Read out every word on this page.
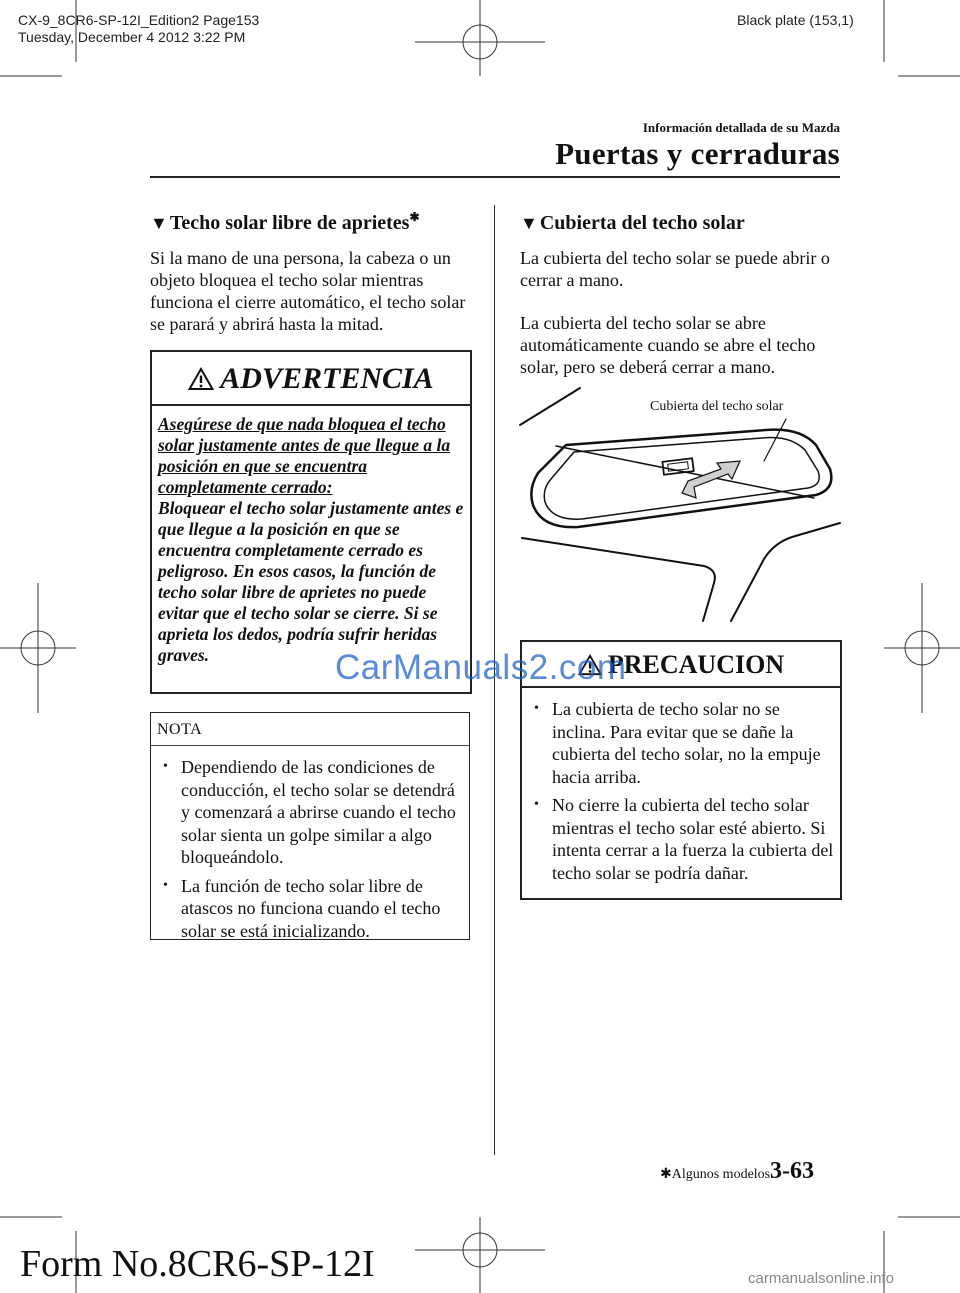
CX-9_8CR6-SP-12I_Edition2 Page153
Tuesday, December 4 2012 3:22 PM
Black plate (153,1)
Información detallada de su Mazda
Puertas y cerraduras
▼ Techo solar libre de aprietes✱

Si la mano de una persona, la cabeza o un objeto bloquea el techo solar mientras funciona el cierre automático, el techo solar se parará y abrirá hasta la mitad.

ADVERTENCIA
Asegúrese de que nada bloquea el techo solar justamente antes de que llegue a la posición en que se encuentra completamente cerrado:
Bloquear el techo solar justamente antes e que llegue a la posición en que se encuentra completamente cerrado es peligroso. En esos casos, la función de techo solar libre de aprietes no puede evitar que el techo solar se cierre. Si se aprieta los dedos, podría sufrir heridas graves.
NOTA
• Dependiendo de las condiciones de conducción, el techo solar se detendrá y comenzará a abrirse cuando el techo solar sienta un golpe similar a algo bloqueándolo.
• La función de techo solar libre de atascos no funciona cuando el techo solar se está inicializando.
▼ Cubierta del techo solar

La cubierta del techo solar se puede abrir o cerrar a mano.

La cubierta del techo solar se abre automáticamente cuando se abre el techo solar, pero se deberá cerrar a mano.

Cubierta del techo solar
PRECAUCION
• La cubierta de techo solar no se inclina. Para evitar que se dañe la cubierta del techo solar, no la empuje hacia arriba.
• No cierre la cubierta del techo solar mientras el techo solar esté abierto. Si intenta cerrar a la fuerza la cubierta del techo solar se podría dañar.
✱Algunos modelos.
3-63
Form No.8CR6-SP-12I
CarManuals2.com
carmanualsonline.info
